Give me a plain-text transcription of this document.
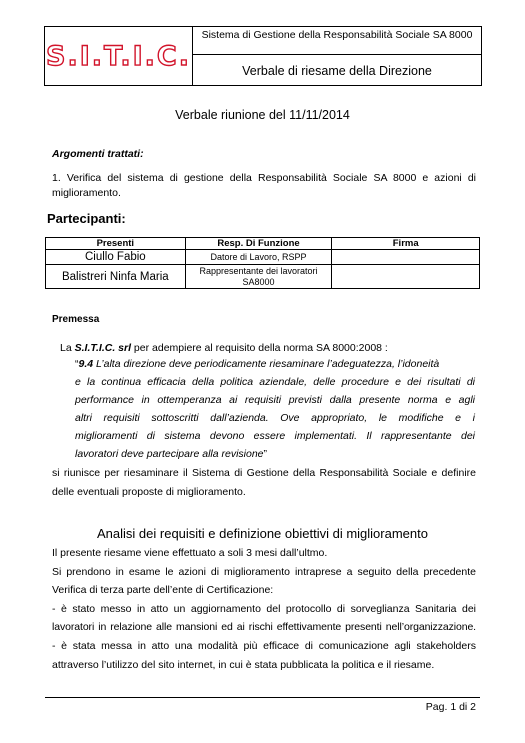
S.I.T.I.C.
Sistema di Gestione della Responsabilità Sociale SA 8000
Verbale di riesame della Direzione
Verbale riunione del 11/11/2014
Argomenti trattati:
1. Verifica del sistema di gestione della Responsabilità Sociale SA 8000 e azioni di miglioramento.
Partecipanti:
Presenti	Resp. Di Funzione	Firma
Ciullo Fabio	Datore di Lavoro, RSPP	
Balistreri Ninfa Maria	Rappresentante dei lavoratori SA8000	
Premessa
La S.I.T.I.C. srl per adempiere al requisito della norma SA 8000:2008 :
“9.4 L’alta direzione deve periodicamente riesaminare l’adeguatezza, l’idoneità
e la continua efficacia della politica aziendale, delle procedure e dei risultati di
performance in ottemperanza ai requisiti previsti dalla presente norma e agli
altri requisiti sottoscritti dall’azienda. Ove appropriato, le modifiche e i
miglioramenti di sistema devono essere implementati. Il rappresentante dei
lavoratori deve partecipare alla revisione”
si riunisce per riesaminare il Sistema di Gestione della Responsabilità Sociale e definire
delle eventuali proposte di miglioramento.
Analisi dei requisiti e definizione obiettivi di miglioramento
Il presente riesame viene effettuato a soli 3 mesi dall’ultmo.
Si prendono in esame le azioni di miglioramento intraprese a seguito della precedente
Verifica di terza parte dell’ente di Certificazione:
- è stato messo in atto un aggiornamento del protocollo di sorveglianza Sanitaria dei
lavoratori in relazione alle mansioni ed ai rischi effettivamente presenti nell’organizzazione.
- è stata messa in atto una modalità più efficace di comunicazione agli stakeholders
attraverso l’utilizzo del sito internet, in cui è stata pubblicata la politica e il riesame.
Pag. 1 di 2
